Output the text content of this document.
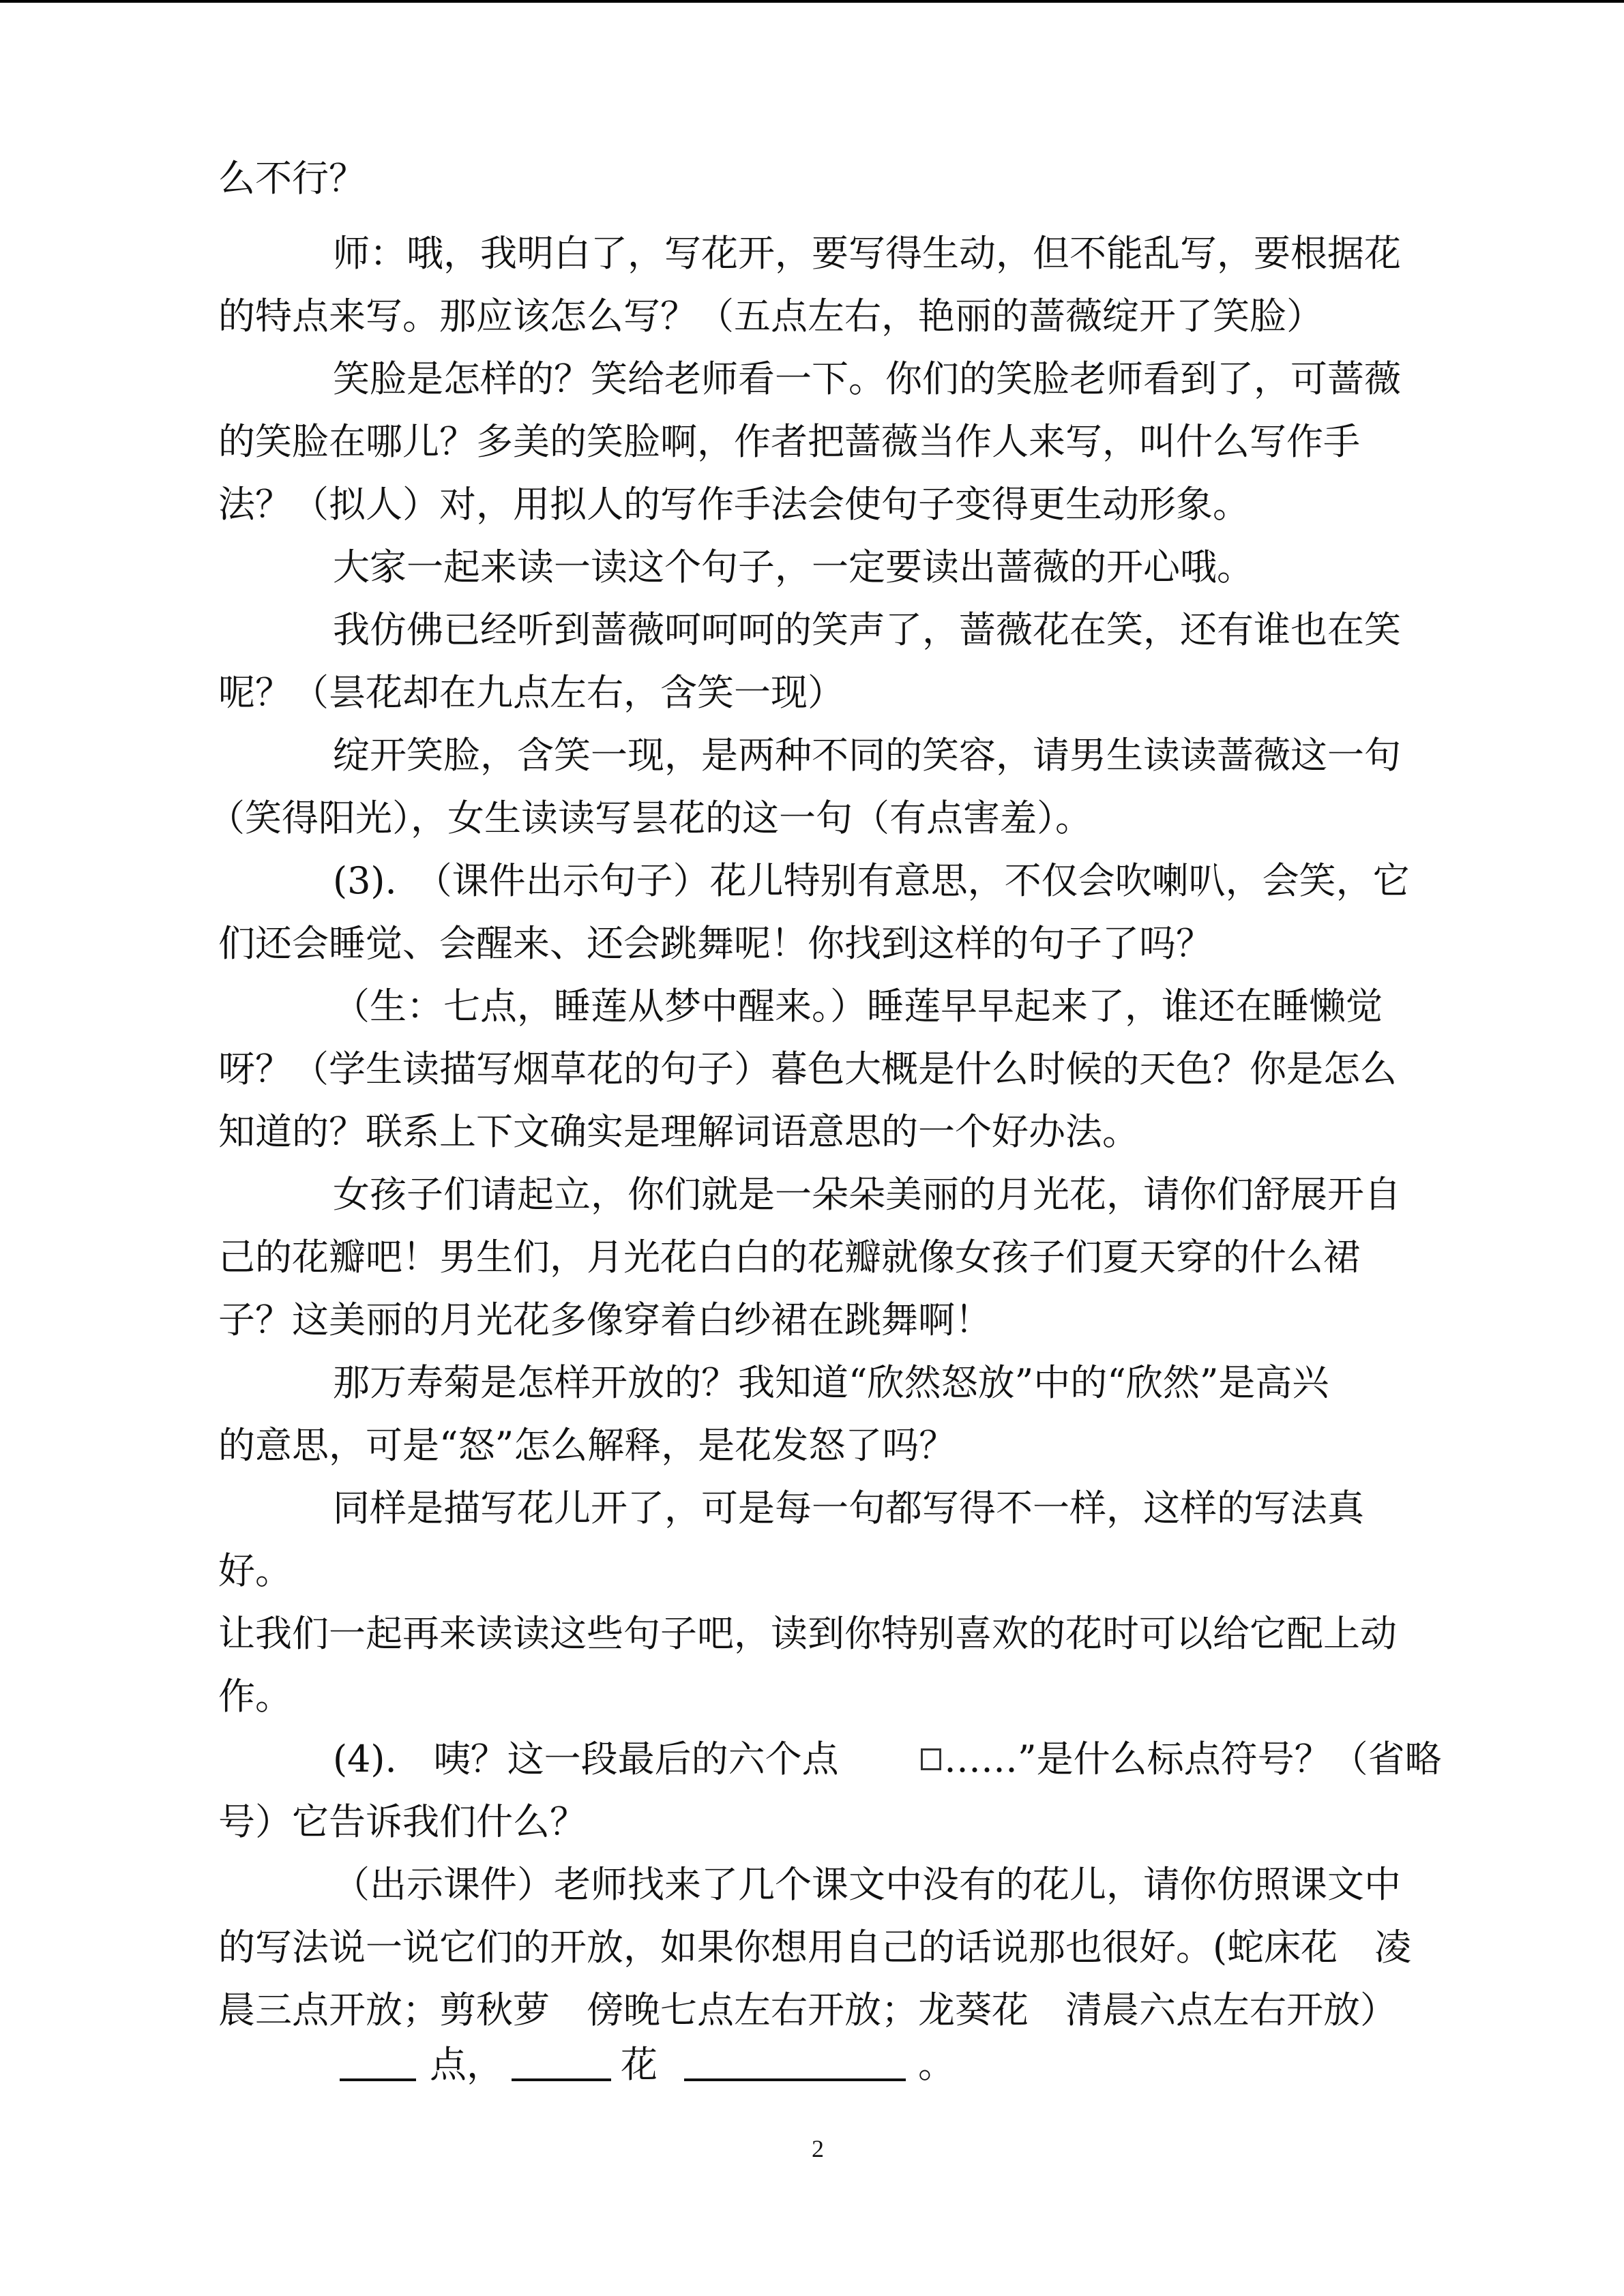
么不行？
师：哦，我明白了，写花开，要写得生动，但不能乱写，要根据花
的特点来写。那应该怎么写？（五点左右，艳丽的蔷薇绽开了笑脸）
笑脸是怎样的？笑给老师看一下。你们的笑脸老师看到了，可蔷薇
的笑脸在哪儿？多美的笑脸啊，作者把蔷薇当作人来写，叫什么写作手
法？（拟人）对，用拟人的写作手法会使句子变得更生动形象。
大家一起来读一读这个句子，一定要读出蔷薇的开心哦。
我仿佛已经听到蔷薇呵呵呵的笑声了，蔷薇花在笑，还有谁也在笑
呢？（昙花却在九点左右，含笑一现）
绽开笑脸，含笑一现，是两种不同的笑容，请男生读读蔷薇这一句
（笑得阳光），女生读读写昙花的这一句（有点害羞）。
(3).　（课件出示句子）花儿特别有意思，不仅会吹喇叭，会笑，它
们还会睡觉、会醒来、还会跳舞呢！你找到这样的句子了吗？
（生：七点，睡莲从梦中醒来。）睡莲早早起来了，谁还在睡懒觉
呀？（学生读描写烟草花的句子）暮色大概是什么时候的天色？你是怎么
知道的？联系上下文确实是理解词语意思的一个好办法。
女孩子们请起立，你们就是一朵朵美丽的月光花，请你们舒展开自
己的花瓣吧！男生们，月光花白白的花瓣就像女孩子们夏天穿的什么裙
子？这美丽的月光花多像穿着白纱裙在跳舞啊！
那万寿菊是怎样开放的？我知道“欣然怒放”中的“欣然”是高兴
的意思，可是“怒”怎么解释，是花发怒了吗？
同样是描写花儿开了，可是每一句都写得不一样，这样的写法真
好。
让我们一起再来读读这些句子吧，读到你特别喜欢的花时可以给它配上动
作。
(4).　咦？这一段最后的六个点	……”是什么标点符号？（省略
号）它告诉我们什么？
（出示课件）老师找来了几个课文中没有的花儿，请你仿照课文中
的写法说一说它们的开放，如果你想用自己的话说那也很好。(蛇床花　凌
晨三点开放；剪秋萝　傍晚七点左右开放；龙葵花　清晨六点左右开放）
点，	花	。
2
